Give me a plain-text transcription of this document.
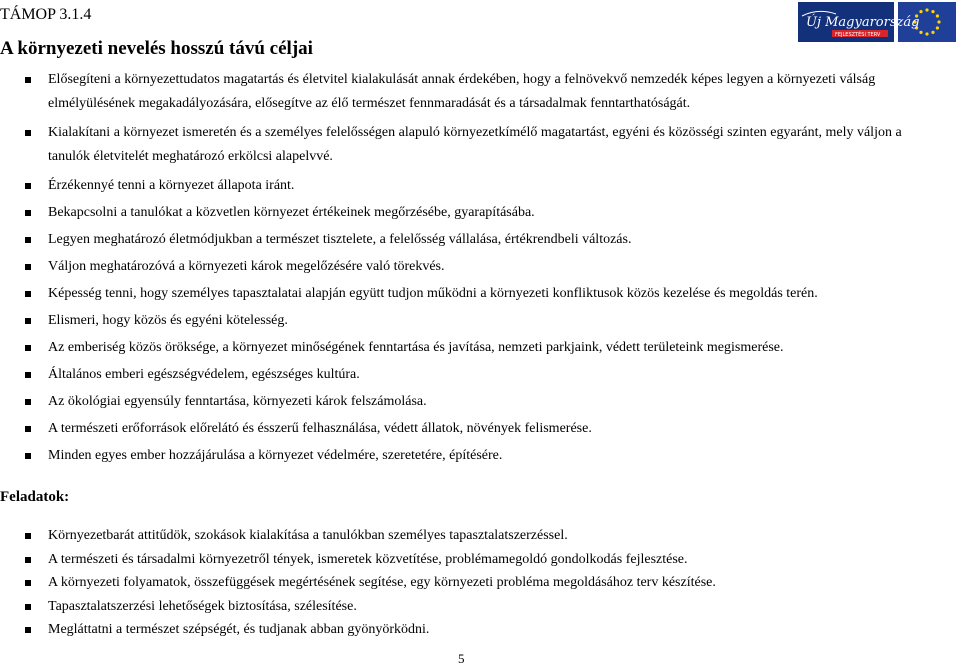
TÁMOP 3.1.4	Új Magyarország
FEJLESZTÉSI TERV
A környezeti nevelés hosszú távú céljai
Elősegíteni a környezettudatos magatartás és életvitel kialakulását annak érdekében, hogy a felnövekvő nemzedék képes legyen a környezeti válság elmélyülésének megakadályozására, elősegítve az élő természet fennmaradását és a társadalmak fenntarthatóságát.
Kialakítani a környezet ismeretén és a személyes felelősségen alapuló környezetkímélő magatartást, egyéni és közösségi szinten egyaránt, mely váljon a tanulók életvitelét meghatározó erkölcsi alapelvvé.
Érzékennyé tenni a környezet állapota iránt.
Bekapcsolni a tanulókat a közvetlen környezet értékeinek megőrzésébe, gyarapításába.
Legyen meghatározó életmódjukban a természet tisztelete, a felelősség vállalása, értékrendbeli változás.
Váljon meghatározóvá a környezeti károk megelőzésére való törekvés.
Képesség tenni, hogy személyes tapasztalatai alapján együtt tudjon működni a környezeti konfliktusok közös kezelése és megoldás terén.
Elismeri, hogy közös és egyéni kötelesség.
Az emberiség közös öröksége, a környezet minőségének fenntartása és javítása, nemzeti parkjaink, védett területeink megismerése.
Általános emberi egészségvédelem, egészséges kultúra.
Az ökológiai egyensúly fenntartása, környezeti károk felszámolása.
A természeti erőforrások előrelátó és ésszerű felhasználása, védett állatok, növények felismerése.
Minden egyes ember hozzájárulása a környezet védelmére, szeretetére, építésére.
Feladatok:
Környezetbarát attitűdök, szokások kialakítása a tanulókban személyes tapasztalatszerzéssel.
A természeti és társadalmi környezetről tények, ismeretek közvetítése, problémamegoldó gondolkodás fejlesztése.
A környezeti folyamatok, összefüggések megértésének segítése, egy környezeti probléma megoldásához terv készítése.
Tapasztalatszerzési lehetőségek biztosítása, szélesítése.
Megláttatni a természet szépségét, és tudjanak abban gyönyörködni.
5
